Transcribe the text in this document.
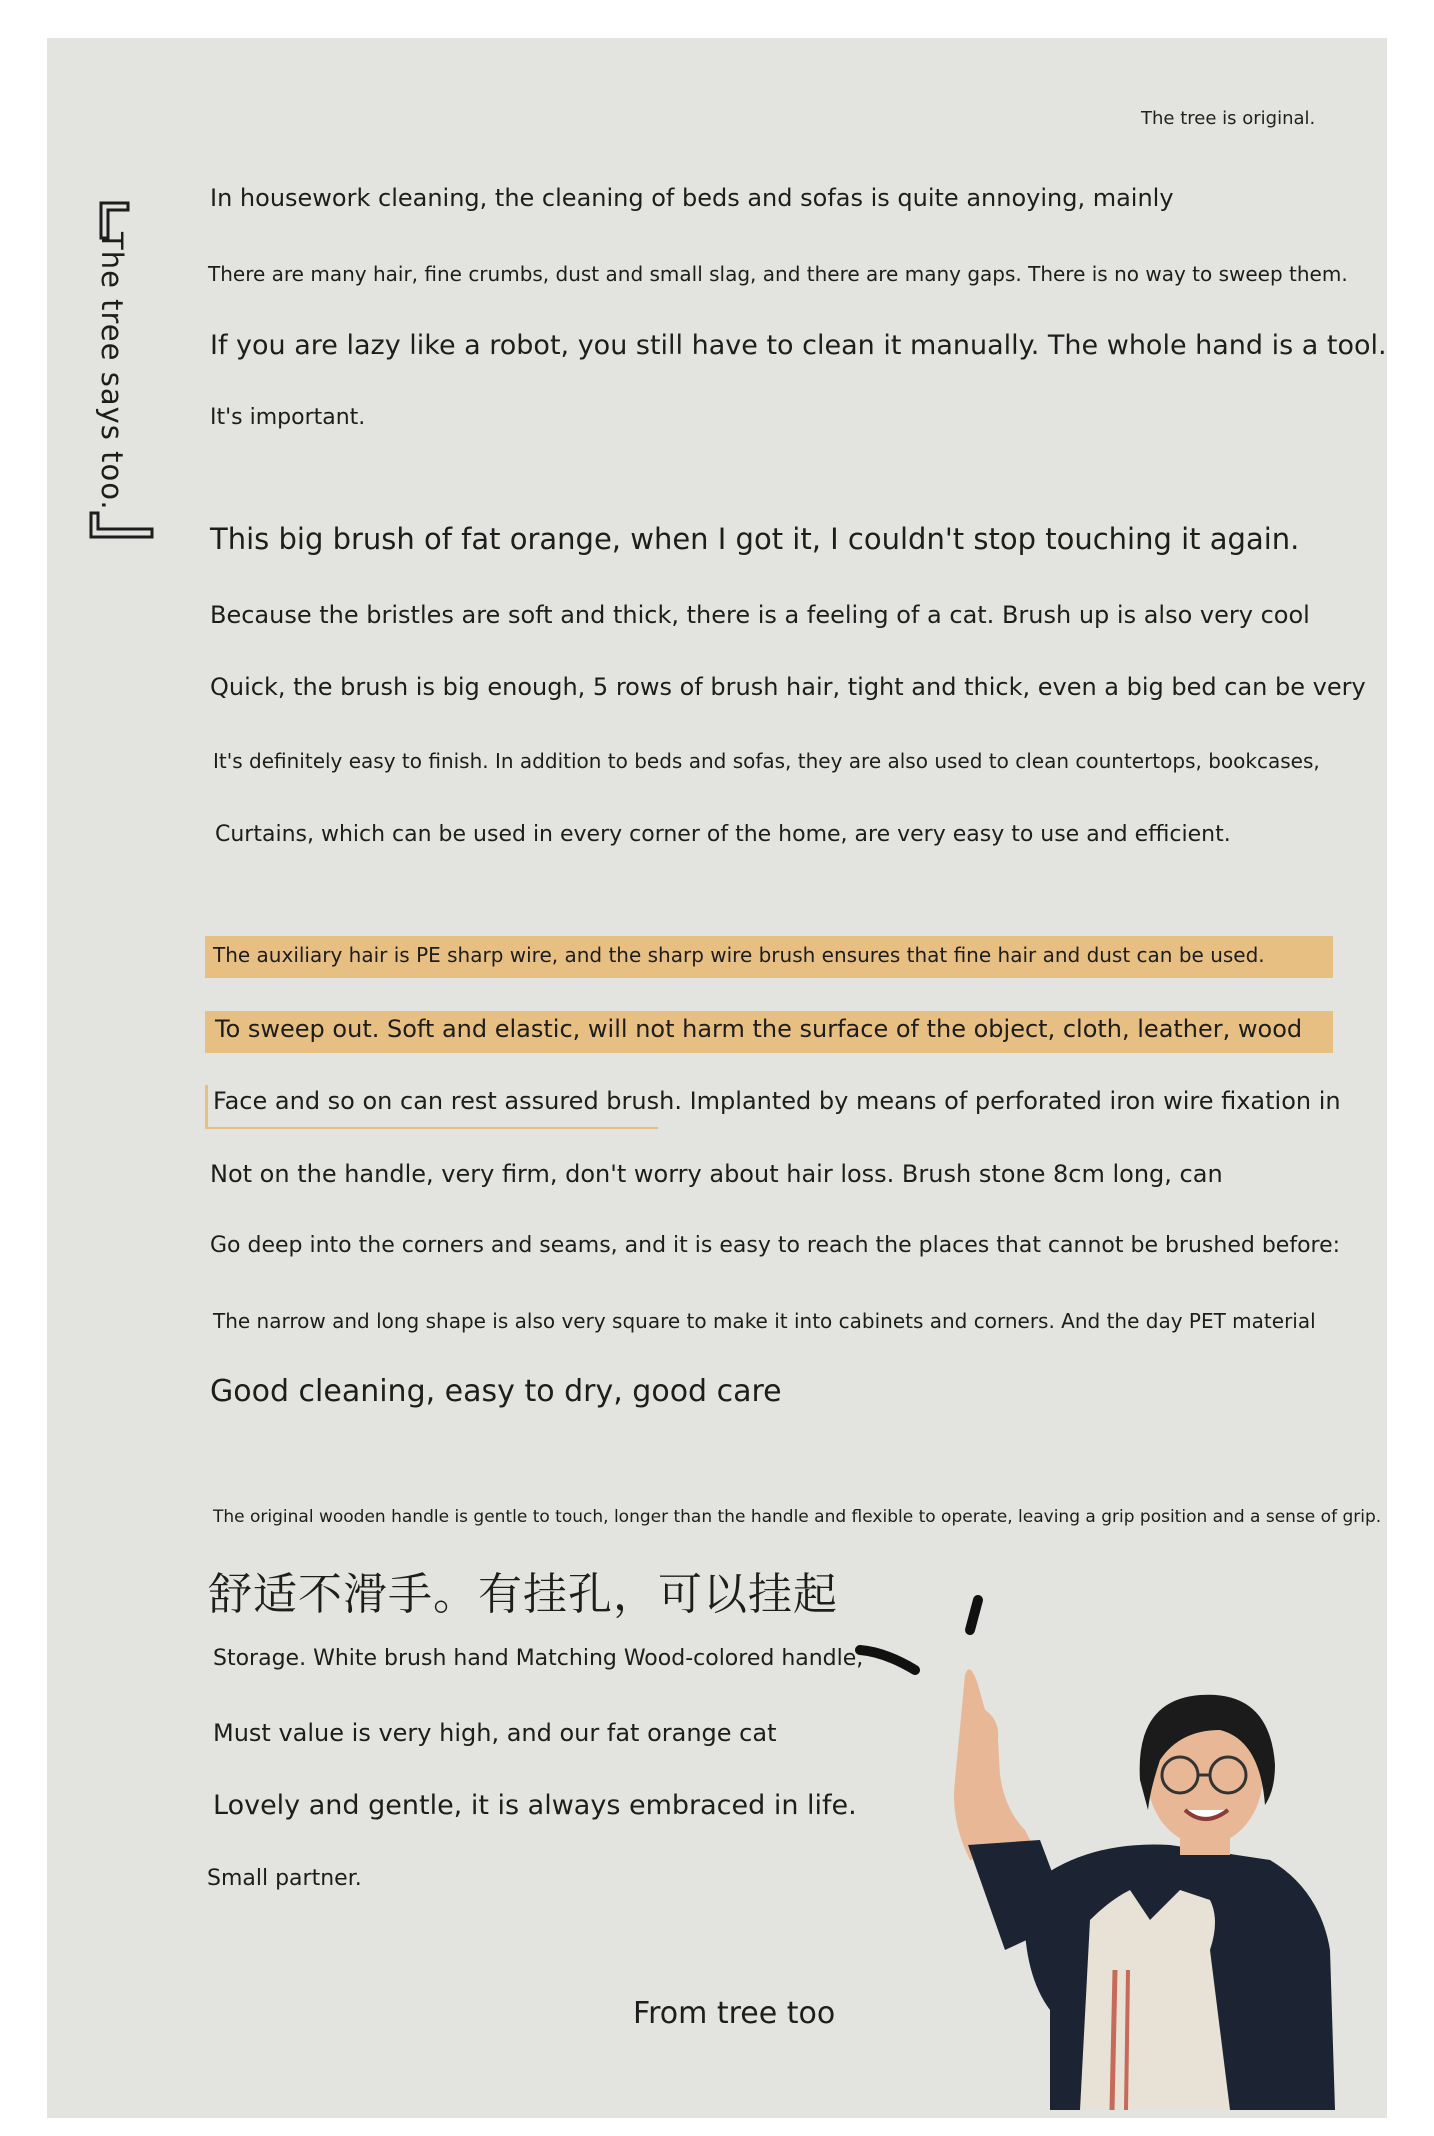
The tree is original.
The tree says too.
In housework cleaning, the cleaning of beds and sofas is quite annoying, mainly
There are many hair, fine crumbs, dust and small slag, and there are many gaps. There is no way to sweep them.
If you are lazy like a robot, you still have to clean it manually. The whole hand is a tool.
It's important.
This big brush of fat orange, when I got it, I couldn't stop touching it again.
Because the bristles are soft and thick, there is a feeling of a cat. Brush up is also very cool
Quick, the brush is big enough, 5 rows of brush hair, tight and thick, even a big bed can be very
It's definitely easy to finish. In addition to beds and sofas, they are also used to clean countertops, bookcases,
Curtains, which can be used in every corner of the home, are very easy to use and efficient.
The auxiliary hair is PE sharp wire, and the sharp wire brush ensures that fine hair and dust can be used.
To sweep out. Soft and elastic, will not harm the surface of the object, cloth, leather, wood
Face and so on can rest assured brush. Implanted by means of perforated iron wire fixation in
Not on the handle, very firm, don't worry about hair loss. Brush stone 8cm long, can
Go deep into the corners and seams, and it is easy to reach the places that cannot be brushed before:
The narrow and long shape is also very square to make it into cabinets and corners. And the day PET material
Good cleaning, easy to dry, good care
The original wooden handle is gentle to touch, longer than the handle and flexible to operate, leaving a grip position and a sense of grip.
舒适不滑手。有挂孔，可以挂起
Storage. White brush hand Matching Wood-colored handle,
Must value is very high, and our fat orange cat
Lovely and gentle, it is always embraced in life.
Small partner.
From tree too
